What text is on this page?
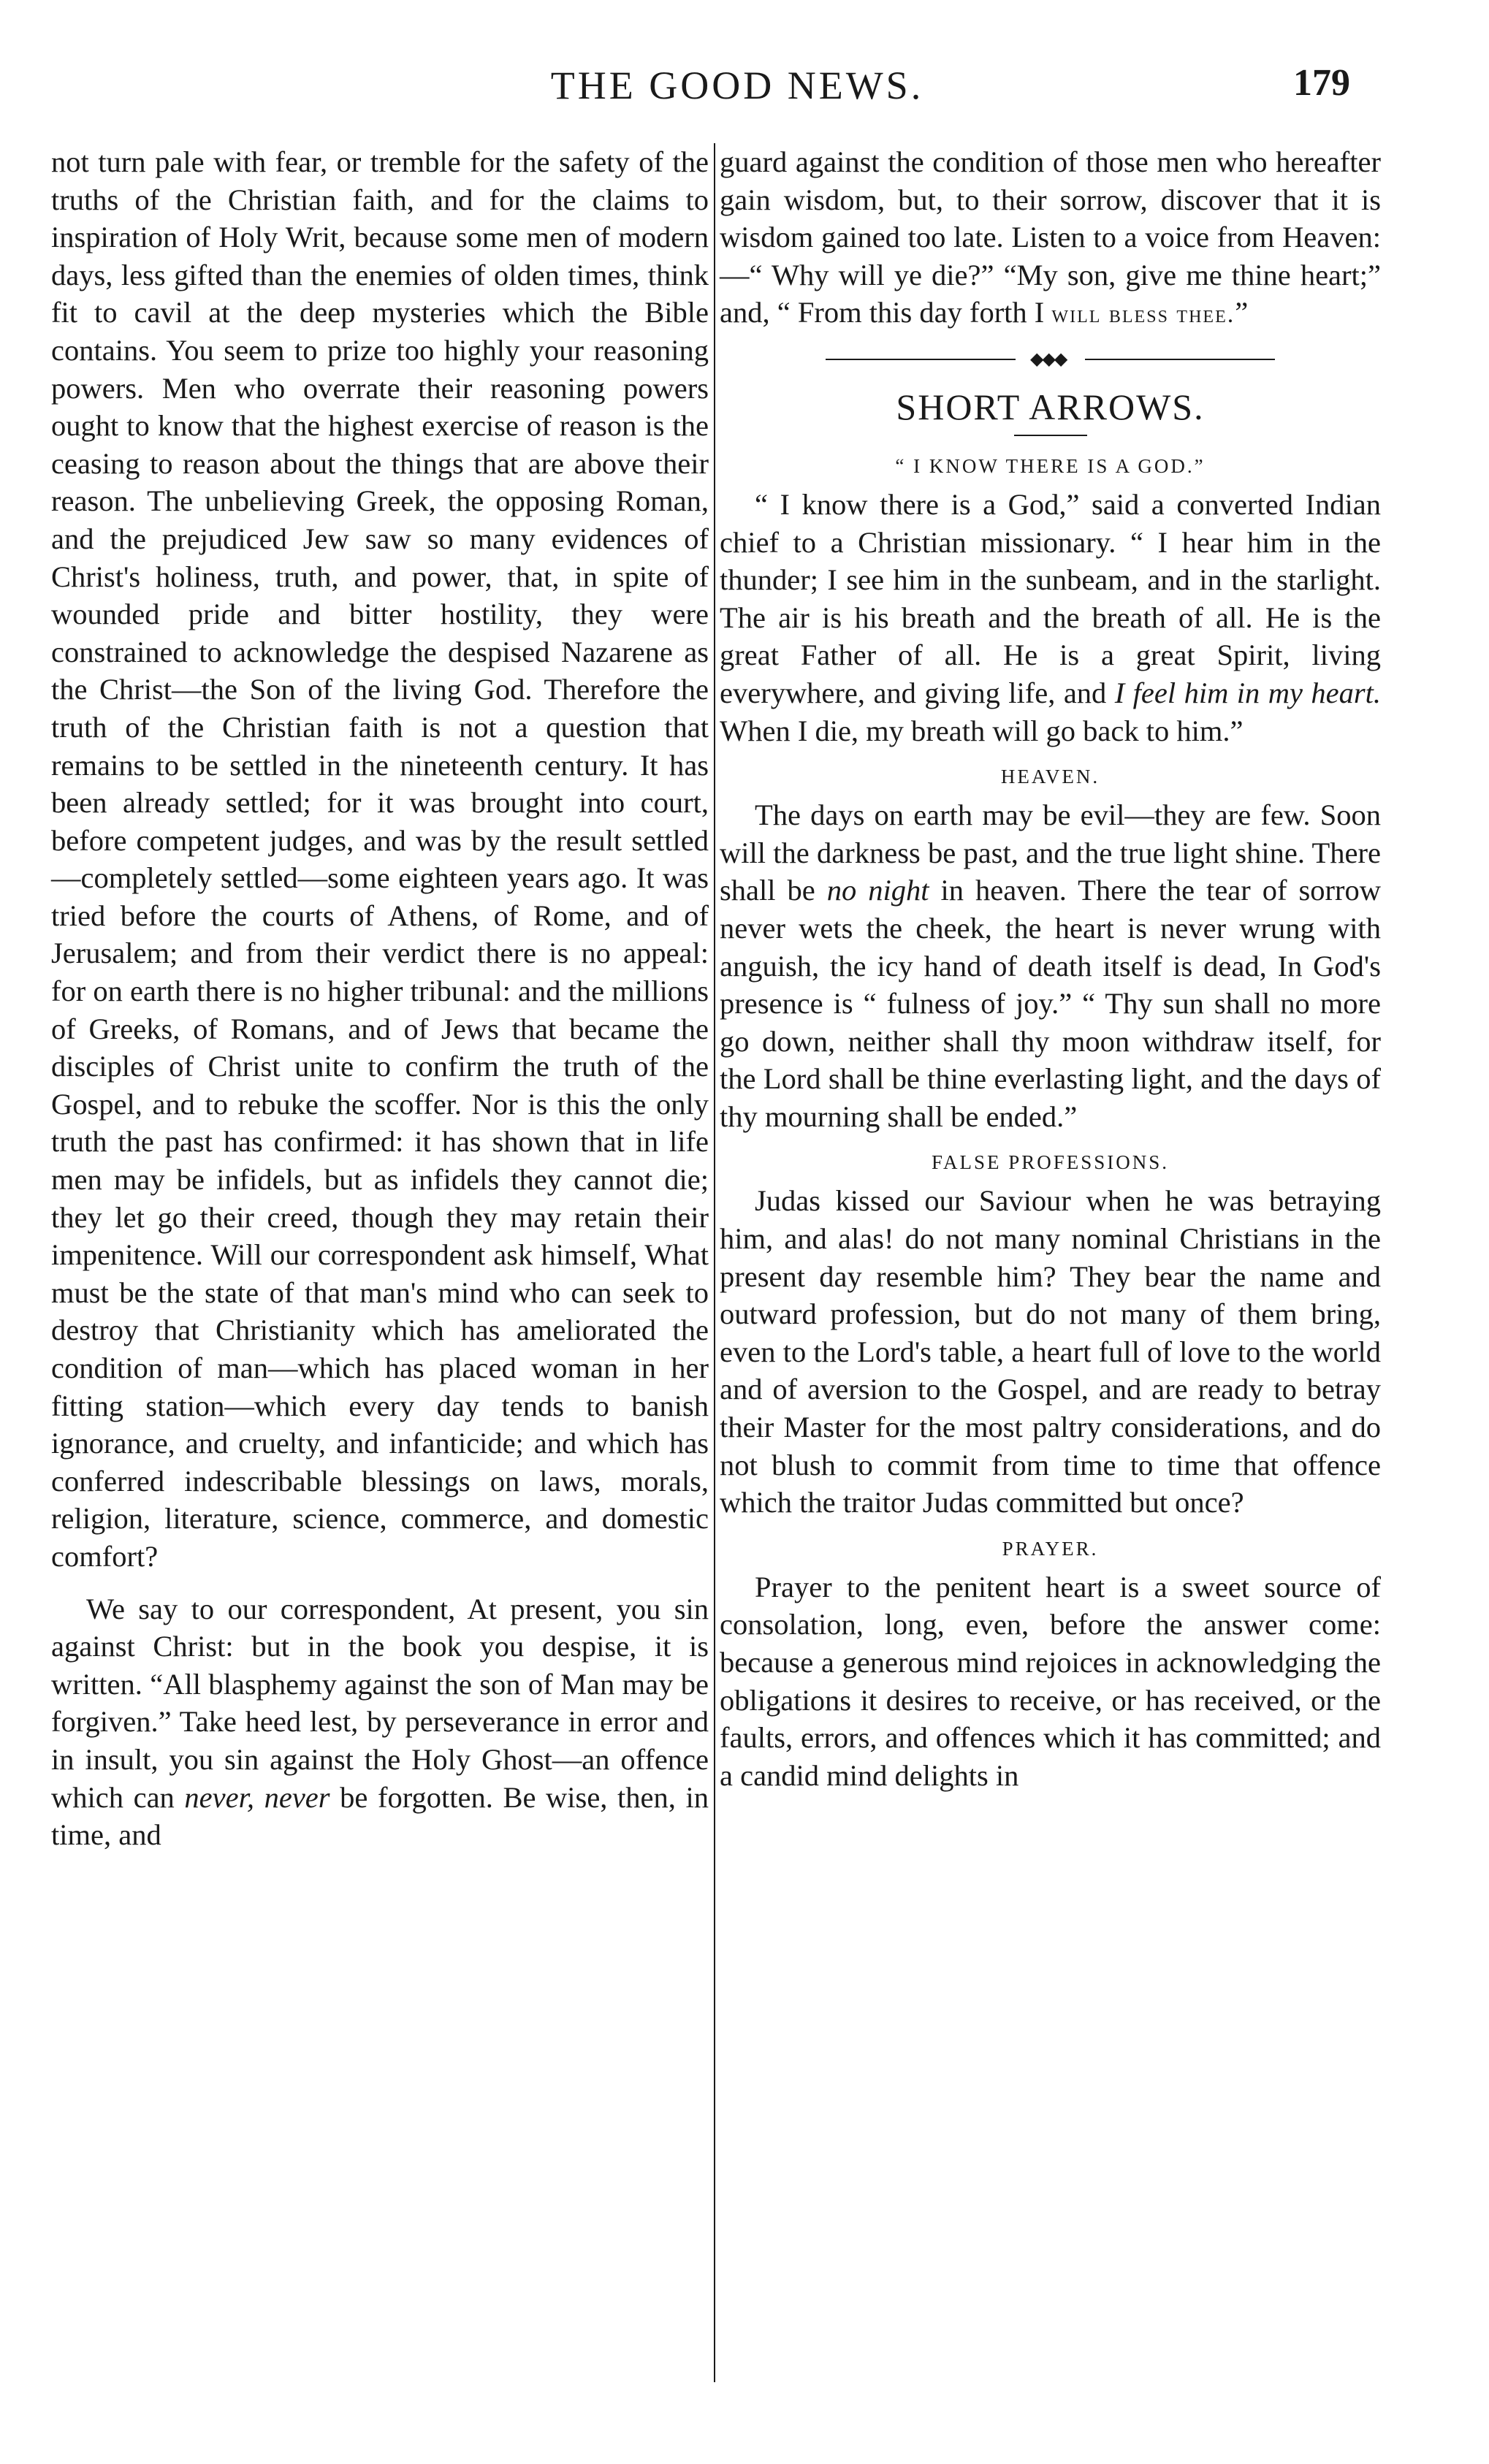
THE GOOD NEWS.	179

not turn pale with fear, or tremble for the safety of the truths of the Christian faith, and for the claims to inspiration of Holy Writ, because some men of modern days, less gifted than the enemies of olden times, think fit to cavil at the deep mysteries which the Bible contains. You seem to prize too highly your reasoning powers. Men who overrate their reasoning powers ought to know that the highest exercise of reason is the ceasing to reason about the things that are above their reason. The unbelieving Greek, the opposing Roman, and the prejudiced Jew saw so many evidences of Christ's holiness, truth, and power, that, in spite of wounded pride and bitter hostility, they were constrained to acknowledge the despised Nazarene as the Christ—the Son of the living God. Therefore the truth of the Christian faith is not a question that remains to be settled in the nineteenth century. It has been already settled; for it was brought into court, before competent judges, and was by the result settled—completely settled—some eighteen years ago. It was tried before the courts of Athens, of Rome, and of Jerusalem; and from their verdict there is no appeal: for on earth there is no higher tribunal: and the millions of Greeks, of Romans, and of Jews that became the disciples of Christ unite to confirm the truth of the Gospel, and to rebuke the scoffer. Nor is this the only truth the past has confirmed: it has shown that in life men may be infidels, but as infidels they cannot die; they let go their creed, though they may retain their impenitence. Will our correspondent ask himself, What must be the state of that man's mind who can seek to destroy that Christianity which has ameliorated the condition of man—which has placed woman in her fitting station—which every day tends to banish ignorance, and cruelty, and infanticide; and which has conferred indescribable blessings on laws, morals, religion, literature, science, commerce, and domestic comfort?

We say to our correspondent, At present, you sin against Christ: but in the book you despise, it is written. “All blasphemy against the son of Man may be forgiven.” Take heed lest, by perseverance in error and in insult, you sin against the Holy Ghost—an offence which can never, never be forgotten. Be wise, then, in time, and

guard against the condition of those men who hereafter gain wisdom, but, to their sorrow, discover that it is wisdom gained too late. Listen to a voice from Heaven: —“ Why will ye die?” “My son, give me thine heart;” and, “ From this day forth I will bless thee.”

◆◆◆
SHORT ARROWS.
“ I KNOW THERE IS A GOD.”

“ I know there is a God,” said a converted Indian chief to a Christian missionary. “ I hear him in the thunder; I see him in the sunbeam, and in the starlight. The air is his breath and the breath of all. He is the great Father of all. He is a great Spirit, living everywhere, and giving life, and I feel him in my heart. When I die, my breath will go back to him.”

HEAVEN.

The days on earth may be evil—they are few. Soon will the darkness be past, and the true light shine. There shall be no night in heaven. There the tear of sorrow never wets the cheek, the heart is never wrung with anguish, the icy hand of death itself is dead, In God's presence is “ fulness of joy.” “ Thy sun shall no more go down, neither shall thy moon withdraw itself, for the Lord shall be thine everlasting light, and the days of thy mourning shall be ended.”

FALSE PROFESSIONS.

Judas kissed our Saviour when he was betraying him, and alas! do not many nominal Christians in the present day resemble him? They bear the name and outward profession, but do not many of them bring, even to the Lord's table, a heart full of love to the world and of aversion to the Gospel, and are ready to betray their Master for the most paltry considerations, and do not blush to commit from time to time that offence which the traitor Judas committed but once?

PRAYER.

Prayer to the penitent heart is a sweet source of consolation, long, even, before the answer come: because a generous mind rejoices in acknowledging the obligations it desires to receive, or has received, or the faults, errors, and offences which it has committed; and a candid mind delights in
